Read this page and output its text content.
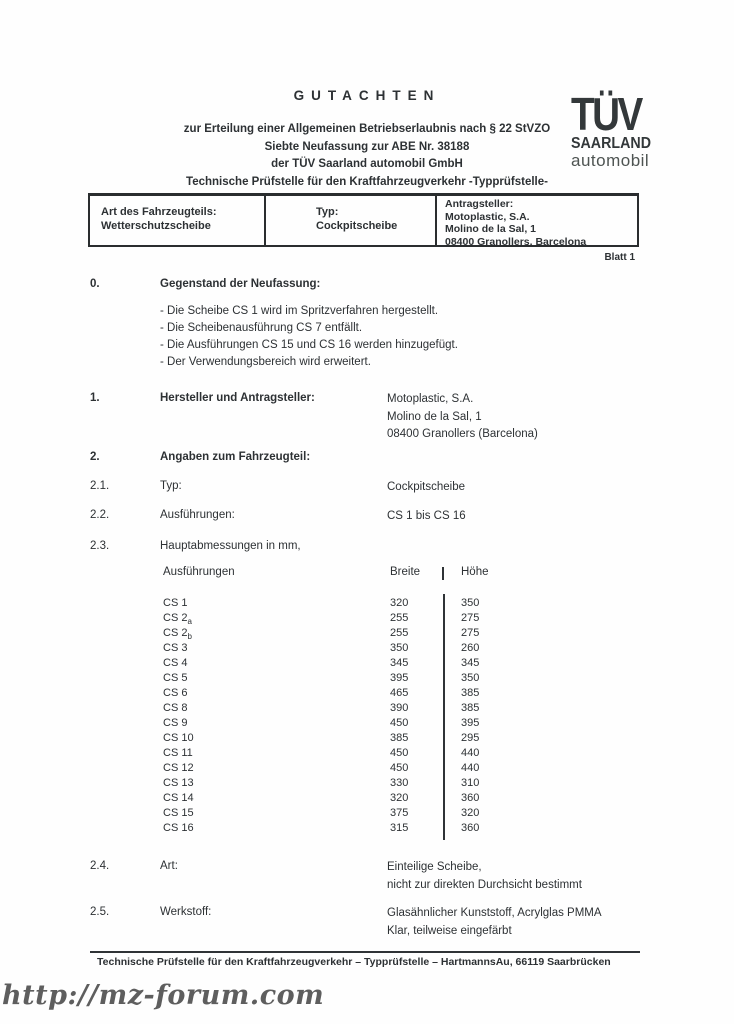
GUTACHTEN
zur Erteilung einer Allgemeinen Betriebserlaubnis nach § 22 StVZO
Siebte Neufassung zur ABE Nr. 38188
der TÜV Saarland automobil GmbH
Technische Prüfstelle für den Kraftfahrzeugverkehr -Typprüfstelle-
TÜV
SAARLAND
automobil
Art des Fahrzeugteils:
Wetterschutzscheibe
Typ:
Cockpitscheibe
Antragsteller:
Motoplastic, S.A.
Molino de la Sal, 1
08400 Granollers, Barcelona
Blatt 1
0.	Gegenstand der Neufassung:
- Die Scheibe CS 1 wird im Spritzverfahren hergestellt.
- Die Scheibenausführung CS 7 entfällt.
- Die Ausführungen CS 15 und CS 16 werden hinzugefügt.
- Der Verwendungsbereich wird erweitert.
1.	Hersteller und Antragsteller:	Motoplastic, S.A.
Molino de la Sal, 1
08400 Granollers (Barcelona)
2.	Angaben zum Fahrzeugteil:
2.1.	Typ:	Cockpitscheibe
2.2.	Ausführungen:	CS 1 bis CS 16
2.3.	Hauptabmessungen in mm,
Ausführungen	Breite	Höhe
CS 1	320	350
CS $2_a$	255	275
CS $2_b$	255	275
CS 3	350	260
CS 4	345	345
CS 5	395	350
CS 6	465	385
CS 8	390	385
CS 9	450	395
CS 10	385	295
CS 11	450	440
CS 12	450	440
CS 13	330	310
CS 14	320	360
CS 15	375	320
CS 16	315	360
2.4.	Art:	Einteilige Scheibe,
nicht zur direkten Durchsicht bestimmt
2.5.	Werkstoff:	Glasähnlicher Kunststoff, Acrylglas PMMA
Klar, teilweise eingefärbt
Technische Prüfstelle für den Kraftfahrzeugverkehr – Typprüfstelle – HartmannsAu, 66119 Saarbrücken
http://mz-forum.com
